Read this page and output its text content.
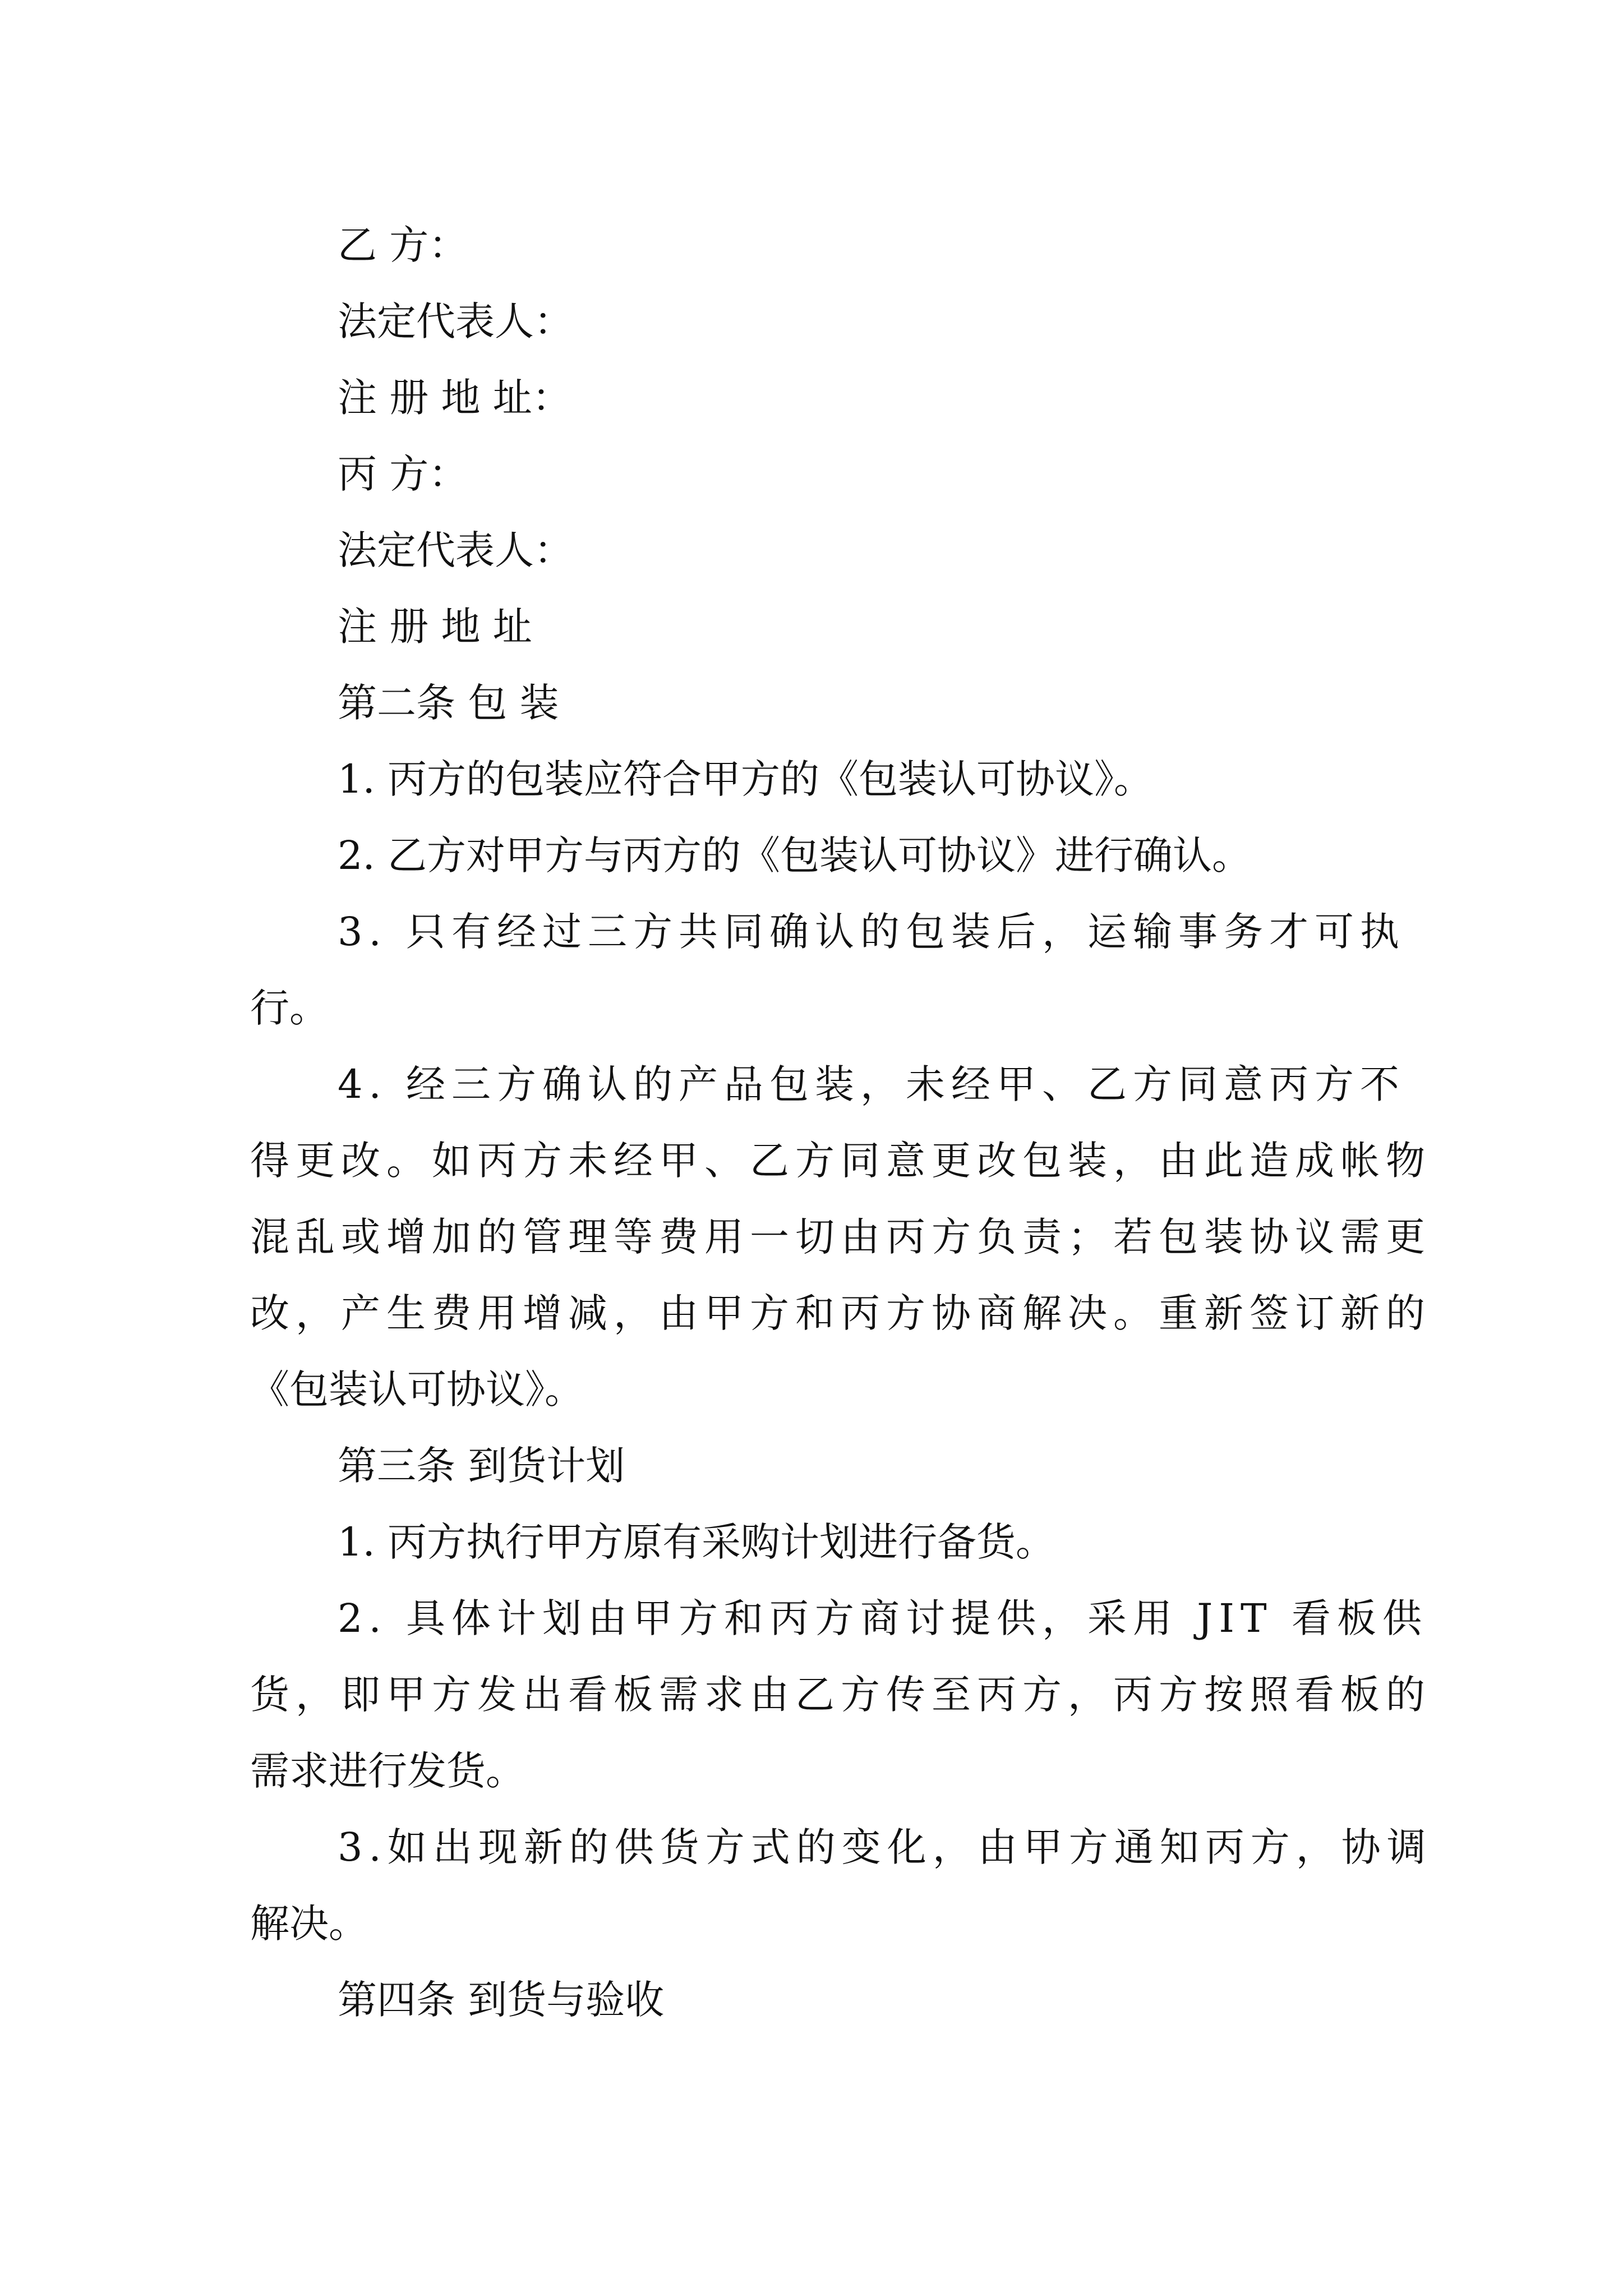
乙 方：

法定代表人：

注 册 地 址：

丙 方：

法定代表人：

注 册 地 址

第二条 包 装

1. 丙方的包装应符合甲方的《包装认可协议》。

2. 乙方对甲方与丙方的《包装认可协议》进行确认。

3. 只有经过三方共同确认的包装后，运输事务才可执

行。

4. 经三方确认的产品包装，未经甲、乙方同意丙方不

得更改。如丙方未经甲、乙方同意更改包装，由此造成帐物

混乱或增加的管理等费用一切由丙方负责；若包装协议需更

改，产生费用增减，由甲方和丙方协商解决。重新签订新的

《包装认可协议》。

第三条 到货计划

1. 丙方执行甲方原有采购计划进行备货。

2. 具体计划由甲方和丙方商讨提供，采用 JIT 看板供

货，即甲方发出看板需求由乙方传至丙方，丙方按照看板的

需求进行发货。

3.如出现新的供货方式的变化，由甲方通知丙方，协调

解决。

第四条 到货与验收
